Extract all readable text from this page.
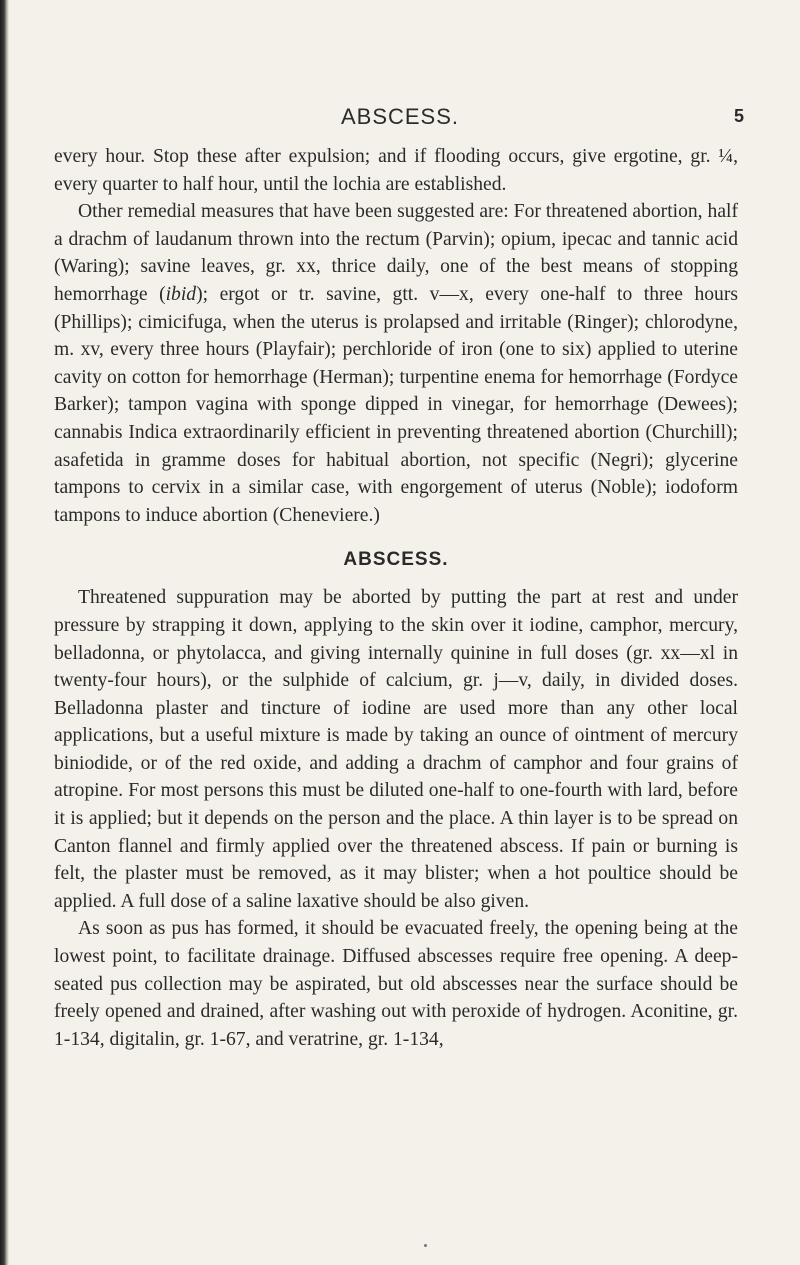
ABSCESS.	5

every hour. Stop these after expulsion; and if flooding occurs, give ergotine, gr. ¼, every quarter to half hour, until the lochia are established.

Other remedial measures that have been suggested are: For threatened abortion, half a drachm of laudanum thrown into the rectum (Parvin); opium, ipecac and tannic acid (Waring); savine leaves, gr. xx, thrice daily, one of the best means of stopping hemorrhage (ibid); ergot or tr. savine, gtt. v—x, every one-half to three hours (Phillips); cimicifuga, when the uterus is prolapsed and irritable (Ringer); chlorodyne, m. xv, every three hours (Playfair); perchloride of iron (one to six) applied to uterine cavity on cotton for hemorrhage (Herman); turpentine enema for hemorrhage (Fordyce Barker); tampon vagina with sponge dipped in vinegar, for hemorrhage (Dewees); cannabis Indica extraordinarily efficient in preventing threatened abortion (Churchill); asafetida in gramme doses for habitual abortion, not specific (Negri); glycerine tampons to cervix in a similar case, with engorgement of uterus (Noble); iodoform tampons to induce abortion (Cheneviere.)

ABSCESS.

Threatened suppuration may be aborted by putting the part at rest and under pressure by strapping it down, applying to the skin over it iodine, camphor, mercury, belladonna, or phytolacca, and giving internally quinine in full doses (gr. xx—xl in twenty-four hours), or the sulphide of calcium, gr. j—v, daily, in divided doses. Belladonna plaster and tincture of iodine are used more than any other local applications, but a useful mixture is made by taking an ounce of ointment of mercury biniodide, or of the red oxide, and adding a drachm of camphor and four grains of atropine. For most persons this must be diluted one-half to one-fourth with lard, before it is applied; but it depends on the person and the place. A thin layer is to be spread on Canton flannel and firmly applied over the threatened abscess. If pain or burning is felt, the plaster must be removed, as it may blister; when a hot poultice should be applied. A full dose of a saline laxative should be also given.

As soon as pus has formed, it should be evacuated freely, the opening being at the lowest point, to facilitate drainage. Diffused abscesses require free opening. A deep-seated pus collection may be aspirated, but old abscesses near the surface should be freely opened and drained, after washing out with peroxide of hydrogen. Aconitine, gr. 1-134, digitalin, gr. 1-67, and veratrine, gr. 1-134,
